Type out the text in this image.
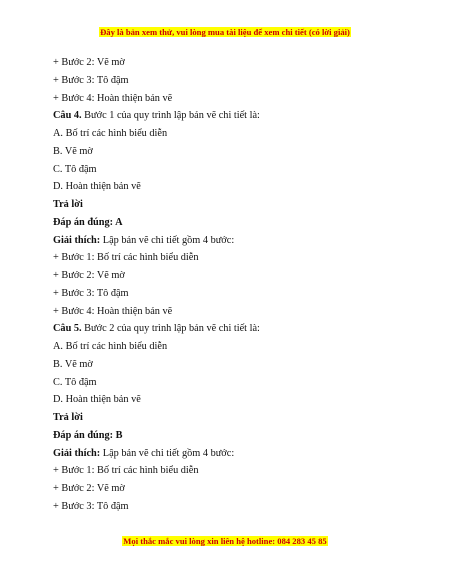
Đây là bản xem thử, vui lòng mua tài liệu để xem chi tiết (có lời giải)
+ Bước 2: Vẽ mờ
+ Bước 3: Tô đậm
+ Bước 4: Hoàn thiện bản vẽ
Câu 4. Bước 1 của quy trình lập bản vẽ chi tiết là:
A. Bố trí các hình biểu diễn
B. Vẽ mờ
C. Tô đậm
D. Hoàn thiện bản vẽ
Trả lời
Đáp án đúng: A
Giải thích: Lập bản vẽ chi tiết gồm 4 bước:
+ Bước 1: Bố trí các hình biểu diễn
+ Bước 2: Vẽ mờ
+ Bước 3: Tô đậm
+ Bước 4: Hoàn thiện bản vẽ
Câu 5. Bước 2 của quy trình lập bản vẽ chi tiết là:
A. Bố trí các hình biểu diễn
B. Vẽ mờ
C. Tô đậm
D. Hoàn thiện bản vẽ
Trả lời
Đáp án đúng: B
Giải thích: Lập bản vẽ chi tiết gồm 4 bước:
+ Bước 1: Bố trí các hình biểu diễn
+ Bước 2: Vẽ mờ
+ Bước 3: Tô đậm
Mọi thắc mắc vui lòng xin liên hệ hotline: 084 283 45 85
